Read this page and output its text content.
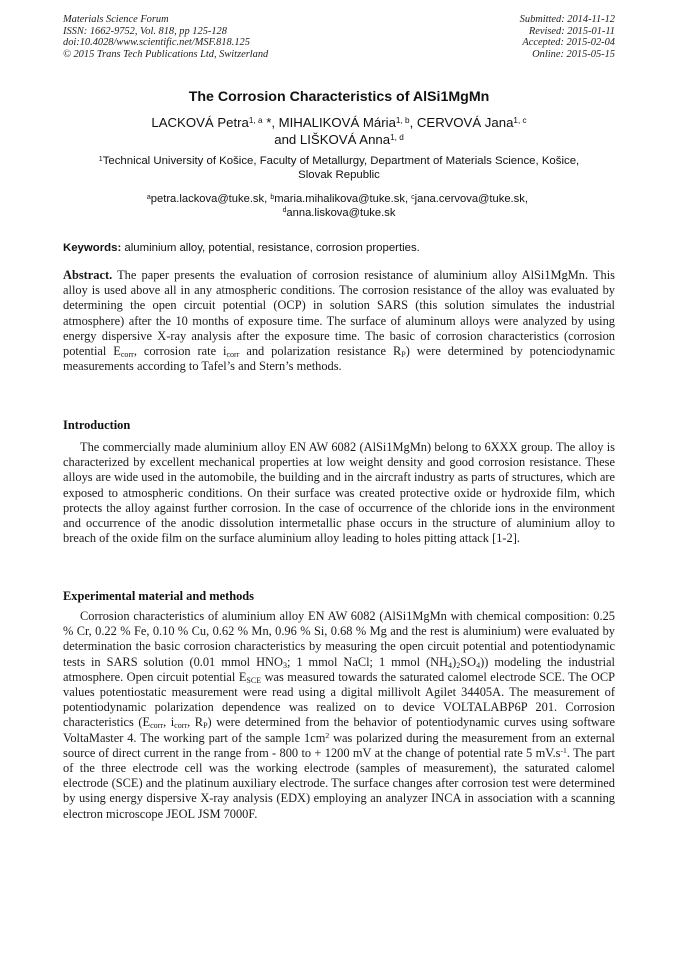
Materials Science Forum
ISSN: 1662-9752, Vol. 818, pp 125-128
doi:10.4028/www.scientific.net/MSF.818.125
© 2015 Trans Tech Publications Ltd, Switzerland
Submitted: 2014-11-12
Revised: 2015-01-11
Accepted: 2015-02-04
Online: 2015-05-15
The Corrosion Characteristics of AlSi1MgMn
LACKOVÁ Petra$^{1, a}$ *, MIHALIKOVÁ Mária$^{1, b}$, CERVOVÁ Jana$^{1, c}$
and LIŠKOVÁ Anna$^{1, d}$
$^1$Technical University of Košice, Faculty of Metallurgy, Department of Materials Science, Košice,
Slovak Republic
$^a$petra.lackova@tuke.sk, $^b$maria.mihalikova@tuke.sk, $^c$jana.cervova@tuke.sk,
$^d$anna.liskova@tuke.sk
Keywords: aluminium alloy, potential, resistance, corrosion properties.
Abstract. The paper presents the evaluation of corrosion resistance of aluminium alloy AlSi1MgMn. This alloy is used above all in any atmospheric conditions. The corrosion resistance of the alloy was evaluated by determining the open circuit potential (OCP) in solution SARS (this solution simulates the industrial atmosphere) after the 10 months of exposure time. The surface of aluminum alloys were analyzed by using energy dispersive X-ray analysis after the exposure time. The basic of corrosion characteristics (corrosion potential $E_{corr}$, corrosion rate $i_{corr}$ and polarization resistance $R_P$) were determined by potenciodynamic measurements according to Tafel’s and Stern’s methods.
Introduction
The commercially made aluminium alloy EN AW 6082 (AlSi1MgMn) belong to 6XXX group. The alloy is characterized by excellent mechanical properties at low weight density and good corrosion resistance. These alloys are wide used in the automobile, the building and in the aircraft industry as parts of structures, which are exposed to atmospheric conditions. On their surface was created protective oxide or hydroxide film, which protects the alloy against further corrosion. In the case of occurrence of the chloride ions in the environment and occurrence of the anodic dissolution intermetallic phase occurs in the structure of aluminium alloy to breach of the oxide film on the surface aluminium alloy leading to holes pitting attack [1-2].
Experimental material and methods
Corrosion characteristics of aluminium alloy EN AW 6082 (AlSi1MgMn with chemical composition: 0.25 % Cr, 0.22 % Fe, 0.10 % Cu, 0.62 % Mn, 0.96 % Si, 0.68 % Mg and the rest is aluminium) were evaluated by determination the basic corrosion characteristics by measuring the open circuit potential and potentiodynamic tests in SARS solution (0.01 mmol $HNO_3$; 1 mmol NaCl; 1 mmol $(NH_4)_2SO_4$)) modeling the industrial atmosphere. Open circuit potential $E_{SCE}$ was measured towards the saturated calomel electrode SCE. The OCP values potentiostatic measurement were read using a digital millivolt Agilet 34405A. The measurement of potentiodynamic polarization dependence was realized on to device VOLTALABP6P 201. Corrosion characteristics ($E_{corr}$, $i_{corr}$, $R_P$) were determined from the behavior of potentiodynamic curves using software VoltaMaster 4. The working part of the sample $1cm^2$ was polarized during the measurement from an external source of direct current in the range from - 800 to + 1200 mV at the change of potential rate 5 $mV.s^{-1}$. The part of the three electrode cell was the working electrode (samples of measurement), the saturated calomel electrode (SCE) and the platinum auxiliary electrode. The surface changes after corrosion test were determined by using energy dispersive X-ray analysis (EDX) employing an analyzer INCA in association with a scanning electron microscope JEOL JSM 7000F.
